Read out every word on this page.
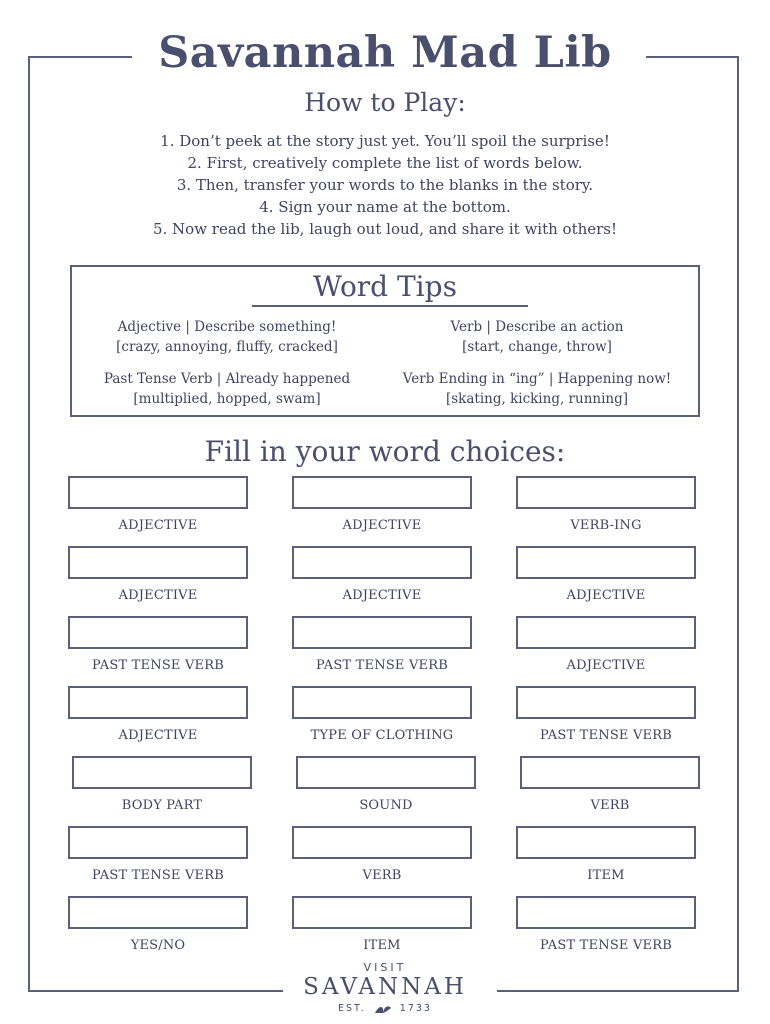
Savannah Mad Lib
How to Play:
1. Don’t peek at the story just yet. You’ll spoil the surprise!
2. First, creatively complete the list of words below.
3. Then, transfer your words to the blanks in the story.
4. Sign your name at the bottom.
5. Now read the lib, laugh out loud, and share it with others!
Word Tips
Adjective | Describe something!
[crazy, annoying, fluffy, cracked]
Verb | Describe an action
[start, change, throw]
Past Tense Verb | Already happened
[multiplied, hopped, swam]
Verb Ending in “ing” | Happening now!
[skating, kicking, running]
Fill in your word choices:
ADJECTIVE	ADJECTIVE	VERB-ING
ADJECTIVE	ADJECTIVE	ADJECTIVE
PAST TENSE VERB	PAST TENSE VERB	ADJECTIVE
ADJECTIVE	TYPE OF CLOTHING	PAST TENSE VERB
BODY PART	SOUND	VERB
PAST TENSE VERB	VERB	ITEM
YES/NO	ITEM	PAST TENSE VERB
VISIT
SAVANNAH
EST.	1733
